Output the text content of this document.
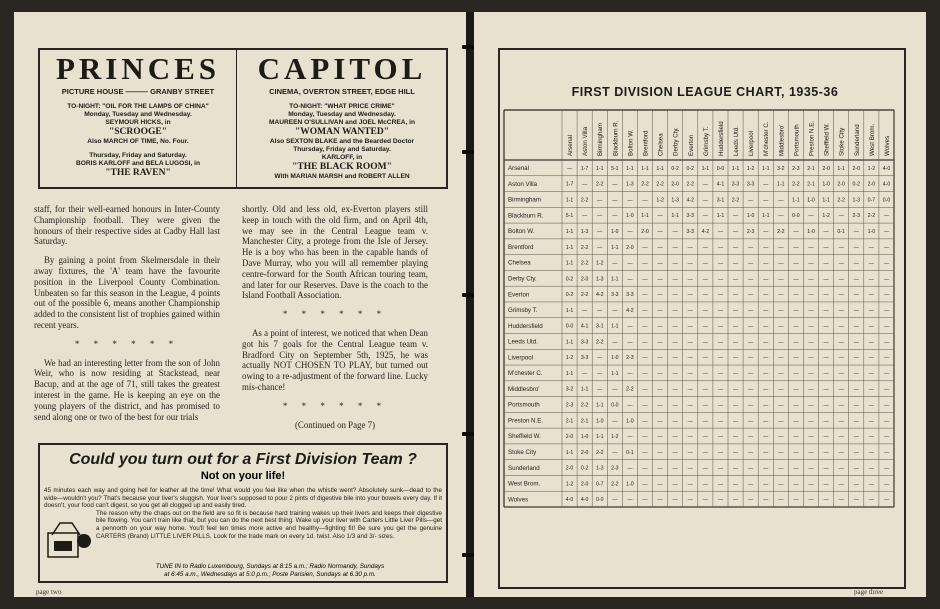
PRINCES
PICTURE HOUSE ——— GRANBY STREET
TO-NIGHT: "OIL FOR THE LAMPS OF CHINA"
Monday, Tuesday and Wednesday.
SEYMOUR HICKS, in
"SCROOGE"
Also MARCH OF TIME, No. Four.
Thursday, Friday and Saturday.
BORIS KARLOFF and BELA LUGOSI, in
"THE RAVEN"
CAPITOL
CINEMA, OVERTON STREET, EDGE HILL
TO-NIGHT: "WHAT PRICE CRIME"
Monday, Tuesday and Wednesday.
MAUREEN O'SULLIVAN and JOEL McCREA, in
"WOMAN WANTED"
Also SEXTON BLAKE and the Bearded Doctor
Thursday, Friday and Saturday.
KARLOFF, in
"THE BLACK ROOM"
With MARIAN MARSH and ROBERT ALLEN

staff, for their well-earned honours in Inter-County Championship football. They were given the honours of their respective sides at Cadby Hall last Saturday.

By gaining a point from Skelmersdale in their away fixtures, the 'A' team have the favourite position in the Liverpool County Combination. Unbeaten so far this season in the League, 4 points out of the possible 6, means another Championship added to the consistent list of trophies gained within recent years.

* * * * * *

We had an interesting letter from the son of John Weir, who is now residing at Stackstead, near Bacup, and at the age of 71, still takes the greatest interest in the game. He is keeping an eye on the young players of the district, and has promised to send along one or two of the best for our trials

shortly. Old and less old, ex-Everton players still keep in touch with the old firm, and on April 4th, we may see in the Central League team v. Manchester City, a protege from the Isle of Jersey. He is a boy who has been in the capable hands of Dave Murray, who you will all remember playing centre-forward for the South African touring team, and later for our Reserves. Dave is the coach to the Island Football Association.

* * * * * *

As a point of interest, we noticed that when Dean got his 7 goals for the Central League team v. Bradford City on September 5th, 1925, he was actually NOT CHOSEN TO PLAY, but turned out owing to a re-adjustment of the forward line. Lucky mis-chance!

* * * * * *
(Continued on Page 7)
Could you turn out for a First Division Team ?
Not on your life!
45 minutes each way and going hell for leather all the time! What would you feel like when the whistle went? Absolutely sunk—dead to the wide—wouldn't you? That's because your liver's sluggish. Your liver's supposed to pour 2 pints of digestive bile into your bowels every day. If it doesn't, your food can't digest, so you get all clogged up and easily tired.
The reason why the chaps out on the field are so fit is because hard training wakes up their livers and keeps their digestive bile flowing. You can't train like that, but you can do the next best thing. Wake up your liver with Carters Little Liver Pills—get a pennorth on your way home. You'll feel ten times more active and healthy—fighting fit! Be sure you get the genuine CARTERS (Brand) LITTLE LIVER PILLS. Look for the trade mark on every 1d. twist. Also 1/3 and 3/- sizes.
TUNE IN to Radio Luxembourg, Sundays at 8:15 a.m.; Radio Normandy, Sundays
at 6:45 a.m., Wednesdays at 5:0 p.m.; Poste Parisien, Sundays at 6.30 p.m.
page two
FIRST DIVISION LEAGUE CHART, 1935-36
Arsenal Aston Villa Birmingham Blackburn R. Bolton W. Brentford Chelsea Derby Cty. Everton Grimsby T. Huddersfield Leeds Utd. Liverpool M'chester C. Middlesbro' Portsmouth Preston N.E. Sheffield W. Stoke City Sunderland West Brom. Wolves
Arsenal
Aston Villa
Birmingham
Blackburn R.
Bolton W.
Brentford
Chelsea
Derby Cty.
Everton
Grimsby T.
Huddersfield
Leeds Utd.
Liverpool
M'chester C.
Middlesbro'
Portsmouth
Preston N.E.
Sheffield W.
Stoke City
Sunderland
West Brom.
Wolves
— 1-7 1-1 5-1 1-1 1-1 1-1 0-2 0-2 1-1 0-0 1-1 1-2 1-1 3-2 2-3 2-1 2-0 1-1 2-0 1-2 4-0
1-7 — 2-2 — 1-3 2-2 2-2 2-0 2-2 — 4-1 3-3 3-3 — 1-1 2-2 2-1 1-0 2-0 0-2 2-0 4-0
1-1 2-2 — — — — 1-2 1-3 4-2 — 3-1 2-2 — — — 1-1 1-0 1-1 2-2 1-3 0-7 0-0
5-1 — — — 1-0 1-1 — 1-1 3-3 — 1-1 — 1-0 1-1 — 0-0 — 1-2 — 2-3 2-2 —
1-1 1-3 — 1-0 — 2-0 — — 3-3 4-2 — — 2-3 — 2-2 — 1-0 — 0-1 — 1-0 —
1-1 2-2 — 1-1 2-0 — — — — — — — — — — — — — — — — —
1-1 2-2 1-2 — — — — — — — — — — — — — — — — — — —
0-2 2-0 1-3 1-1 — — — — — — — — — — — — — — — — — —
0-2 2-2 4-2 3-3 3-3 — — — — — — — — — — — — — — — — —
1-1 — — — 4-2 — — — — — — — — — — — — — — — — —
0-0 4-1 3-1 1-1 — — — — — — — — — — — — — — — — — —
1-1 3-3 2-2 — — — — — — — — — — — — — — — — — — —
1-2 3-3 — 1-0 2-3 — — — — — — — — — — — — — — — — —
1-1 — — 1-1 — — — — — — — — — — — — — — — — — —
3-2 1-1 — — 2-2 — — — — — — — — — — — — — — — — —
2-3 2-2 1-1 0-0 — — — — — — — — — — — — — — — — — —
2-1 2-1 1-0 — 1-0 — — — — — — — — — — — — — — — — —
2-0 1-0 1-1 1-2 — — — — — — — — — — — — — — — — — —
1-1 2-0 2-2 — 0-1 — — — — — — — — — — — — — — — — —
2-0 0-2 1-3 2-3 — — — — — — — — — — — — — — — — — —
1-2 2-0 0-7 2-2 1-0 — — — — — — — — — — — — — — — — —
4-0 4-0 0-0 — — — — — — — — — — — — — — — — — — —
page three
